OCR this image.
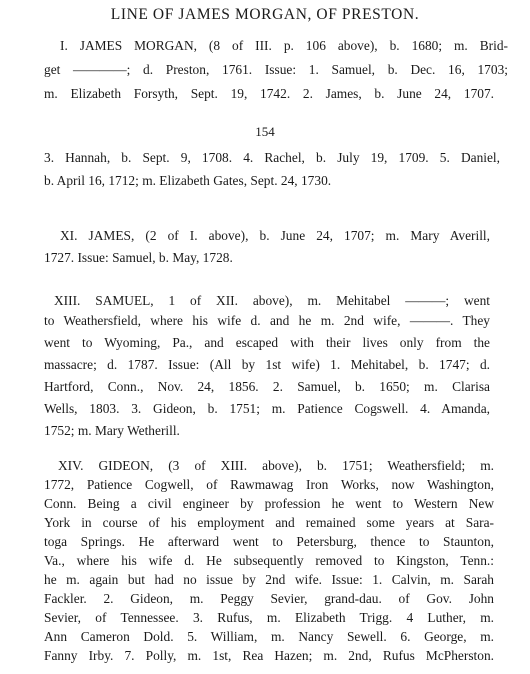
LINE OF JAMES MORGAN, OF PRESTON.
I. JAMES MORGAN, (8 of III. p. 106 above), b. 1680; m. Brid-
get ————; d. Preston, 1761. Issue: 1. Samuel, b. Dec. 16, 1703;
m. Elizabeth Forsyth, Sept. 19, 1742. 2. James, b. June 24, 1707.
154
3. Hannah, b. Sept. 9, 1708. 4. Rachel, b. July 19, 1709. 5. Daniel,
b. April 16, 1712; m. Elizabeth Gates, Sept. 24, 1730.
XI. JAMES, (2 of I. above), b. June 24, 1707; m. Mary Averill,
1727. Issue: Samuel, b. May, 1728.
XIII. SAMUEL, 1 of XII. above), m. Mehitabel ———; went
to Weathersfield, where his wife d. and he m. 2nd wife, ———. They
went to Wyoming, Pa., and escaped with their lives only from the
massacre; d. 1787. Issue: (All by 1st wife) 1. Mehitabel, b. 1747; d.
Hartford, Conn., Nov. 24, 1856. 2. Samuel, b. 1650; m. Clarisa
Wells, 1803. 3. Gideon, b. 1751; m. Patience Cogswell. 4. Amanda,
1752; m. Mary Wetherill.
XIV. GIDEON, (3 of XIII. above), b. 1751; Weathersfield; m.
1772, Patience Cogwell, of Rawmawag Iron Works, now Washington,
Conn. Being a civil engineer by profession he went to Western New
York in course of his employment and remained some years at Sara-
toga Springs. He afterward went to Petersburg, thence to Staunton,
Va., where his wife d. He subsequently removed to Kingston, Tenn.:
he m. again but had no issue by 2nd wife. Issue: 1. Calvin, m. Sarah
Fackler. 2. Gideon, m. Peggy Sevier, grand-dau. of Gov. John
Sevier, of Tennessee. 3. Rufus, m. Elizabeth Trigg. 4 Luther, m.
Ann Cameron Dold. 5. William, m. Nancy Sewell. 6. George, m.
Fanny Irby. 7. Polly, m. 1st, Rea Hazen; m. 2nd, Rufus McPherston.
